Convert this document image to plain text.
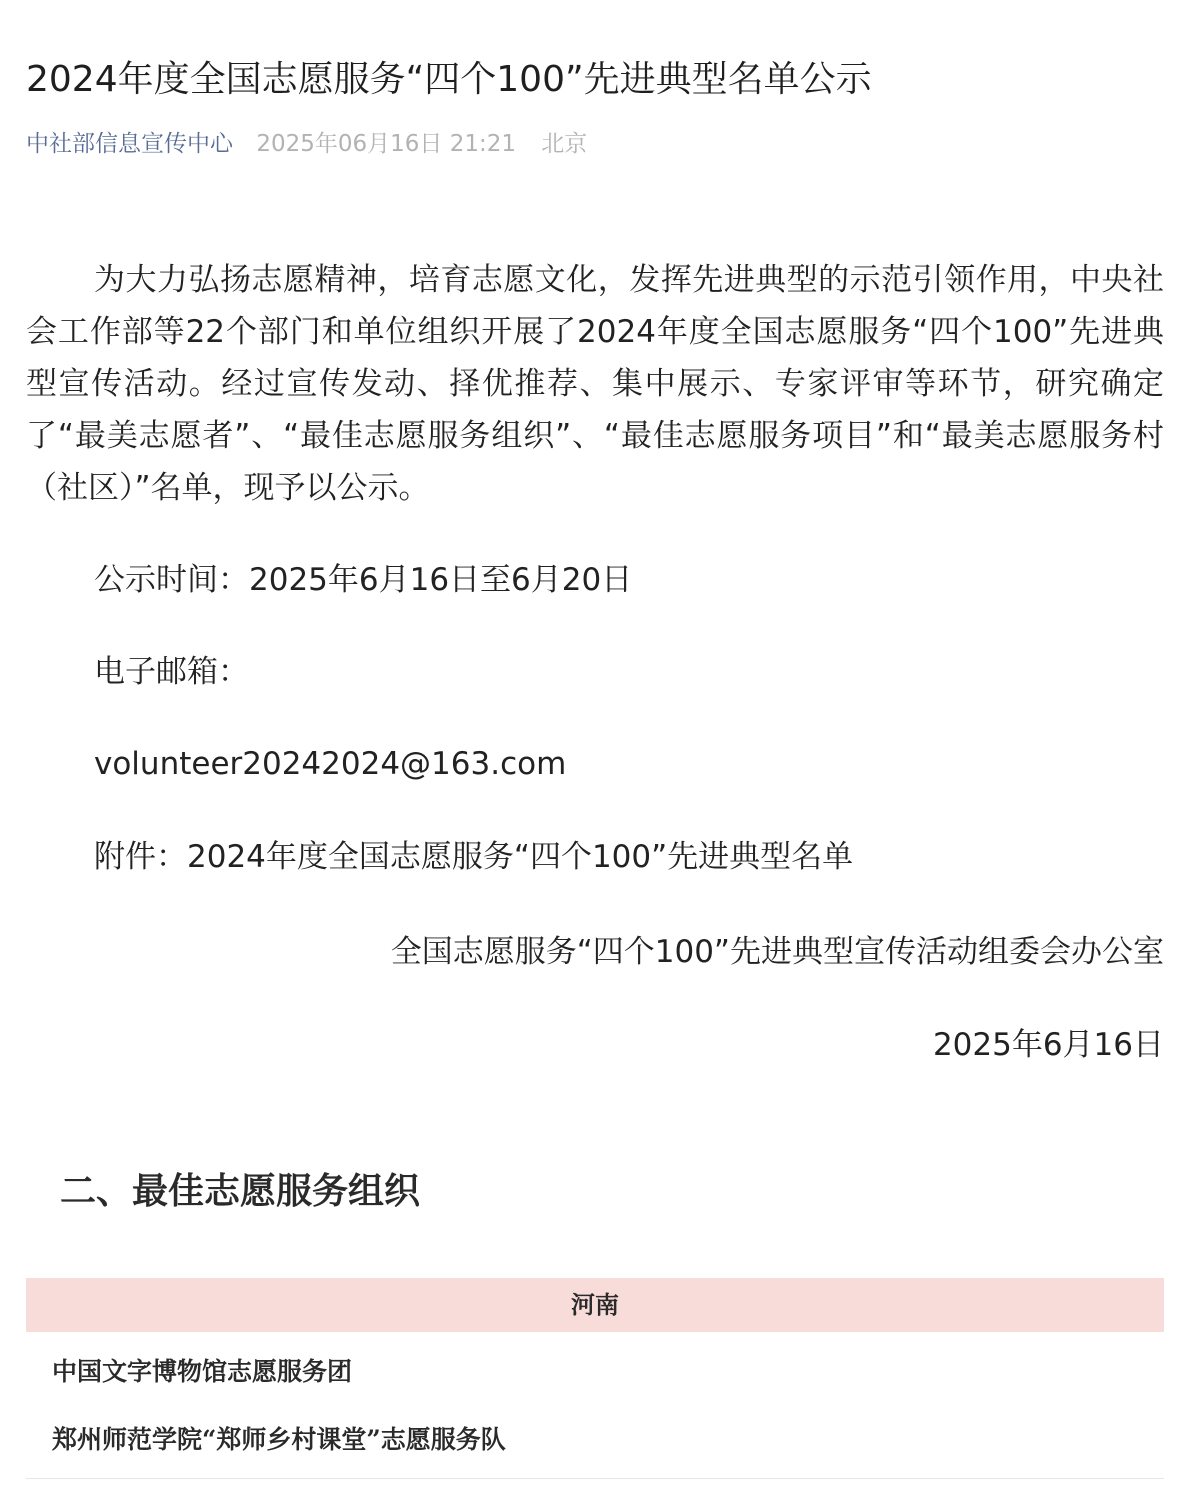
2024年度全国志愿服务“四个100”先进典型名单公示
中社部信息宣传中心 2025年06月16日 21:21 北京

为大力弘扬志愿精神，培育志愿文化，发挥先进典型的示范引领作用，中央社会工作部等22个部门和单位组织开展了2024年度全国志愿服务“四个100”先进典型宣传活动。经过宣传发动、择优推荐、集中展示、专家评审等环节，研究确定了“最美志愿者”、“最佳志愿服务组织”、“最佳志愿服务项目”和“最美志愿服务村（社区）”名单，现予以公示。

公示时间：2025年6月16日至6月20日

电子邮箱：

volunteer20242024@163.com

附件：2024年度全国志愿服务“四个100”先进典型名单

全国志愿服务“四个100”先进典型宣传活动组委会办公室

2025年6月16日

二、最佳志愿服务组织
河南
中国文字博物馆志愿服务团
郑州师范学院“郑师乡村课堂”志愿服务队
